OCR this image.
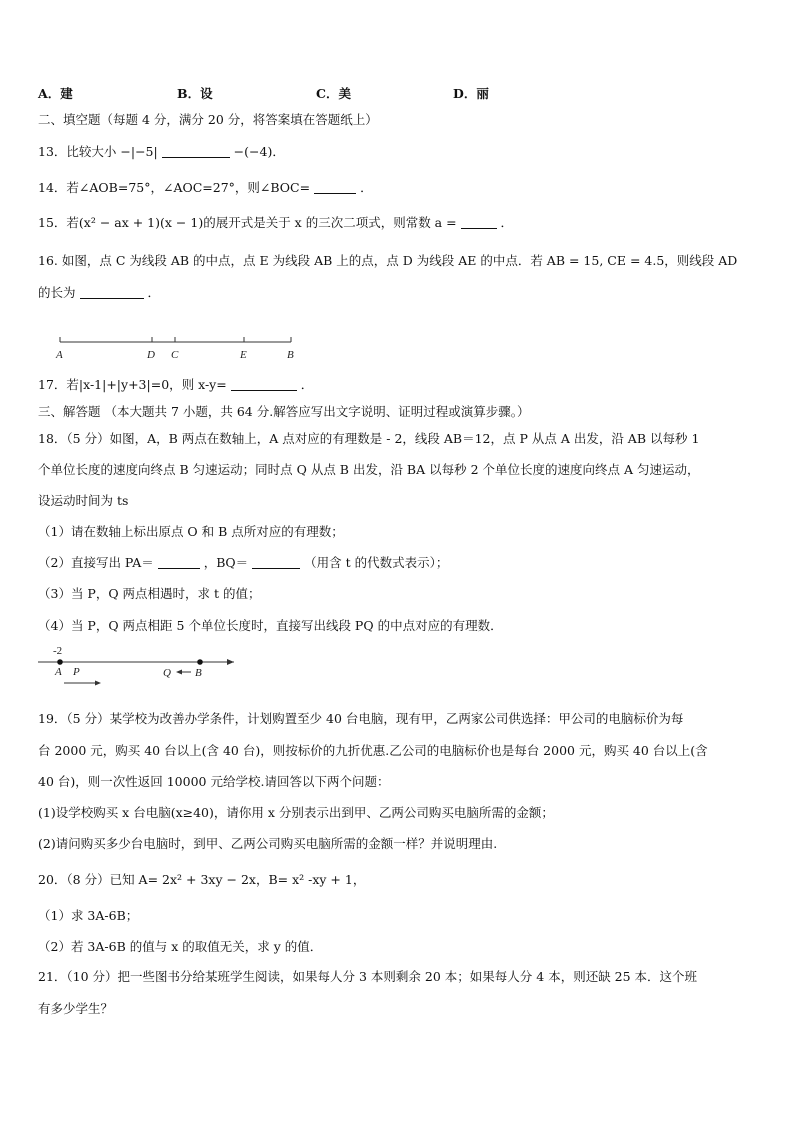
A．建	B．设	C．美	D．丽
二、填空题（每题 4 分，满分 20 分，将答案填在答题纸上）
13．比较大小 −|−5|	−(−4)．
14．若∠AOB=75°，∠AOC=27°，则∠BOC=	．
15．若(x² − ax + 1)(x − 1)的展开式是关于 x 的三次二项式，则常数 a =	．
16. 如图，点 C 为线段 AB 的中点，点 E 为线段 AB 上的点，点 D 为线段 AE 的中点．若 AB = 15, CE = 4.5，则线段 AD
的长为	．
A	D C	E	B
17．若|x-1|+|y+3|=0，则 x-y=	．
三、解答题 （本大题共 7 小题，共 64 分.解答应写出文字说明、证明过程或演算步骤。）
18．（5 分）如图，A，B 两点在数轴上，A 点对应的有理数是 - 2，线段 AB＝12，点 P 从点 A 出发，沿 AB 以每秒 1
个单位长度的速度向终点 B 匀速运动；同时点 Q 从点 B 出发，沿 BA 以每秒 2 个单位长度的速度向终点 A 匀速运动，
设运动时间为 ts
（1）请在数轴上标出原点 O 和 B 点所对应的有理数；
（2）直接写出 PA＝	，BQ＝	（用含 t 的代数式表示）；
（3）当 P，Q 两点相遇时，求 t 的值；
（4）当 P，Q 两点相距 5 个单位长度时，直接写出线段 PQ 的中点对应的有理数．
-2
A P	Q B
19．（5 分）某学校为改善办学条件，计划购置至少 40 台电脑，现有甲，乙两家公司供选择：甲公司的电脑标价为每
台 2000 元，购买 40 台以上(含 40 台)，则按标价的九折优惠.乙公司的电脑标价也是每台 2000 元，购买 40 台以上(含
40 台)，则一次性返回 10000 元给学校.请回答以下两个问题：
(1)设学校购买 x 台电脑(x≥40)，请你用 x 分别表示出到甲、乙两公司购买电脑所需的金额；
(2)请问购买多少台电脑时，到甲、乙两公司购买电脑所需的金额一样？并说明理由.
20．（8 分）已知 A= 2x² + 3xy − 2x，B= x² -xy + 1，
（1）求 3A-6B；
（2）若 3A-6B 的值与 x 的取值无关，求 y 的值．
21．（10 分）把一些图书分给某班学生阅读，如果每人分 3 本则剩余 20 本；如果每人分 4 本，则还缺 25 本．这个班
有多少学生？
